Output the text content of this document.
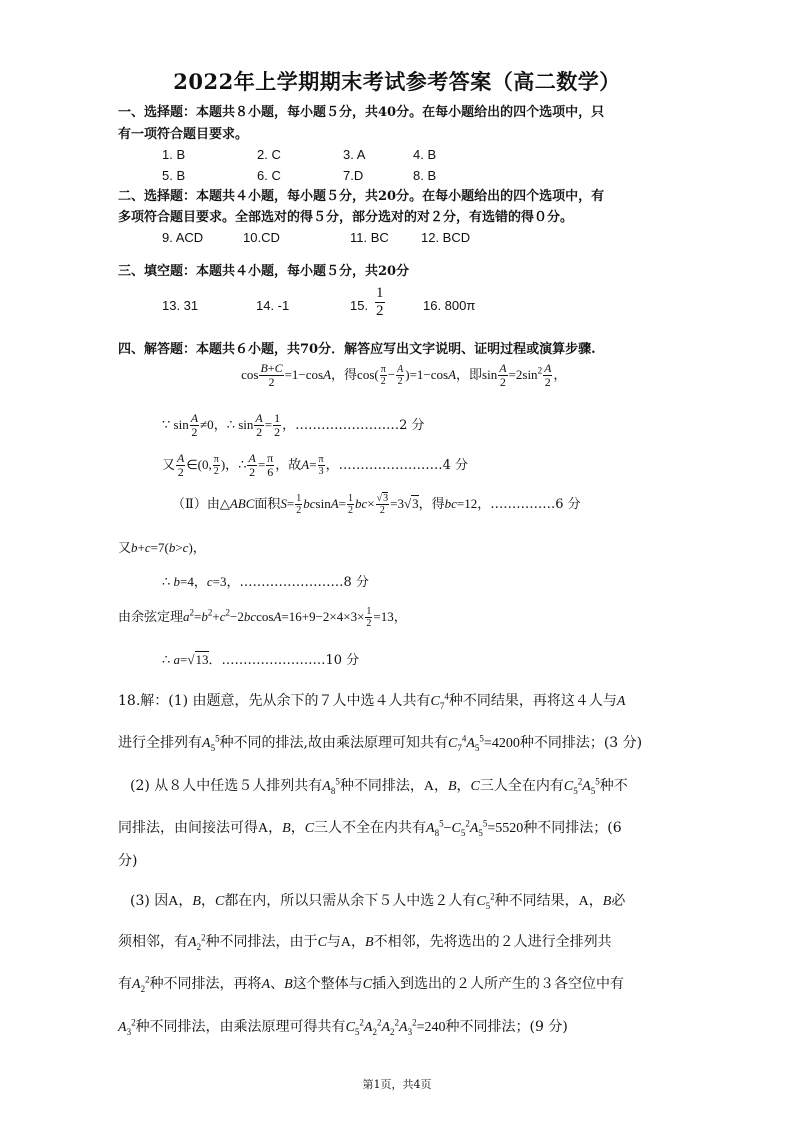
2022年上学期期末考试参考答案（高二数学）
一、选择题：本题共８小题，每小题５分，共40分。在每小题给出的四个选项中，只
有一项符合题目要求。
1. B	2. C	3. A	4. B
5. B	6. C	7.D	8. B
二、选择题：本题共４小题，每小题５分，共20分。在每小题给出的四个选项中，有
多项符合题目要求。全部选对的得５分，部分选对的对２分，有选错的得０分。
9. ACD	10.CD	11. BC 12. BCD
三、填空题：本题共４小题，每小题５分，共20分
13. 31	14. -1	15. $\frac{1}{2}$	16. 800π
四、解答题：本题共６小题，共70分．解答应写出文字说明、证明过程或演算步骤.
$\cos \frac{B+C}{2} =1-\cos A$，得$\cos( \frac{\pi}{2} - \frac{A}{2} )=1-\cos A$，即$\sin \frac{A}{2} =2\sin^2 \frac{A}{2}$ ，
∵ $\sin \frac{A}{2} \ne 0$，∴ $\sin \frac{A}{2} = \frac{1}{2}$ ，……………………2 分
又 $\frac{A}{2}$ ∈(0, $\frac{\pi}{2}$ )，∴ $\frac{A}{2} = \frac{\pi}{6}$ ，故$A= \frac{\pi}{3}$ ，……………………4 分
（Ⅱ）由△ABC面积$S= \frac{1}{2} bcsinA= \frac{1}{2} bc\times \frac{√3}{2} =3√3$，得bc=12，……………6 分
又b+c=7(b>c)，
∴ b=4，c=3，……………………8 分
由余弦定理$a^2=b^2+c^2-2bccosA=16+9-2\times 4\times 3\times \frac{1}{2} =13$，
∴ a=√13．……………………10 分
18.解：(1) 由题意，先从余下的７人中选４人共有$C_7^4$种不同结果，再将这４人与A
进行全排列有$A_5^5$种不同的排法,故由乘法原理可知共有$C_7^4A_5^5=4200$种不同排法；(3 分)
(2) 从８人中任选５人排列共有$A_8^5$种不同排法，A，B，C三人全在内有$C_5^2A_5^5$种不
同排法，由间接法可得A，B，C三人不全在内共有$A_8^5-C_5^2A_5^5=5520$种不同排法；(6
分)
(3) 因A，B，C都在内，所以只需从余下５人中选２人有$C_5^2$种不同结果，A，B必
须相邻，有$A_2^2$种不同排法，由于C与A，B不相邻，先将选出的２人进行全排列共
有$A_2^2$种不同排法，再将A、B这个整体与C插入到选出的２人所产生的３各空位中有
$A_3^2$种不同排法，由乘法原理可得共有$C_5^2A_2^2A_2^2A_3^2=240$种不同排法；(9 分)
第1页，共4页
